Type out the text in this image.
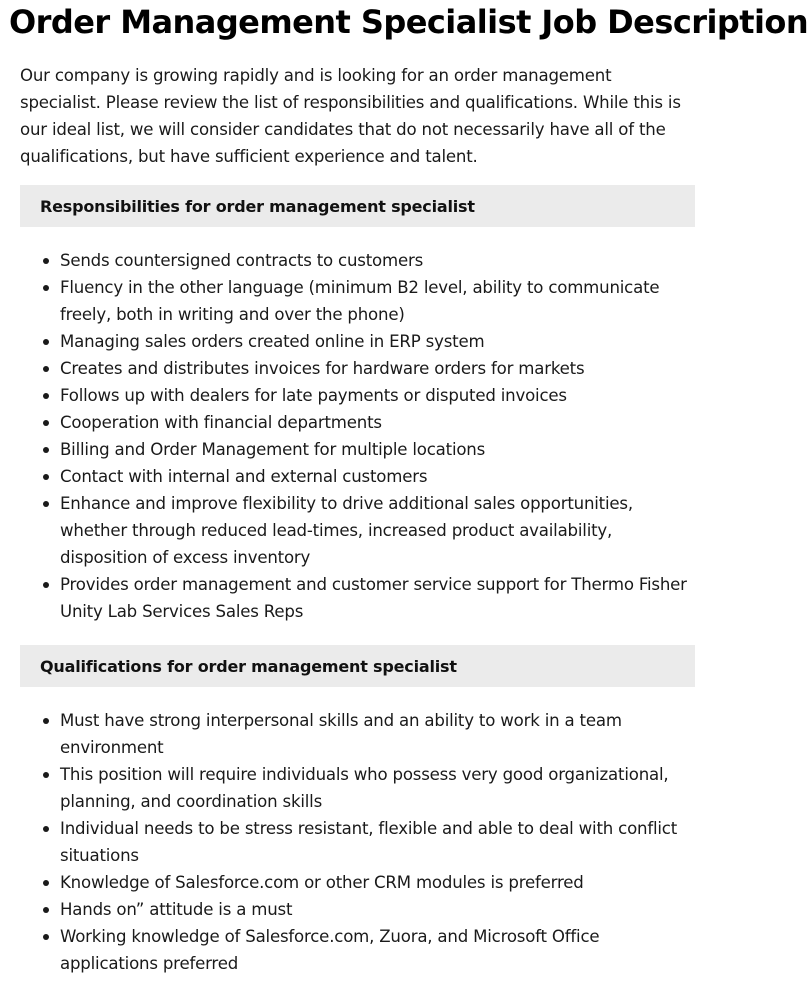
Order Management Specialist Job Description

Our company is growing rapidly and is looking for an order management specialist. Please review the list of responsibilities and qualifications. While this is our ideal list, we will consider candidates that do not necessarily have all of the qualifications, but have sufficient experience and talent.

Responsibilities for order management specialist
Sends countersigned contracts to customers
Fluency in the other language (minimum B2 level, ability to communicate freely, both in writing and over the phone)
Managing sales orders created online in ERP system
Creates and distributes invoices for hardware orders for markets
Follows up with dealers for late payments or disputed invoices
Cooperation with financial departments
Billing and Order Management for multiple locations
Contact with internal and external customers
Enhance and improve flexibility to drive additional sales opportunities, whether through reduced lead-times, increased product availability, disposition of excess inventory
Provides order management and customer service support for Thermo Fisher Unity Lab Services Sales Reps
Qualifications for order management specialist
Must have strong interpersonal skills and an ability to work in a team environment
This position will require individuals who possess very good organizational, planning, and coordination skills
Individual needs to be stress resistant, flexible and able to deal with conflict situations
Knowledge of Salesforce.com or other CRM modules is preferred
Hands on” attitude is a must
Working knowledge of Salesforce.com, Zuora, and Microsoft Office applications preferred
